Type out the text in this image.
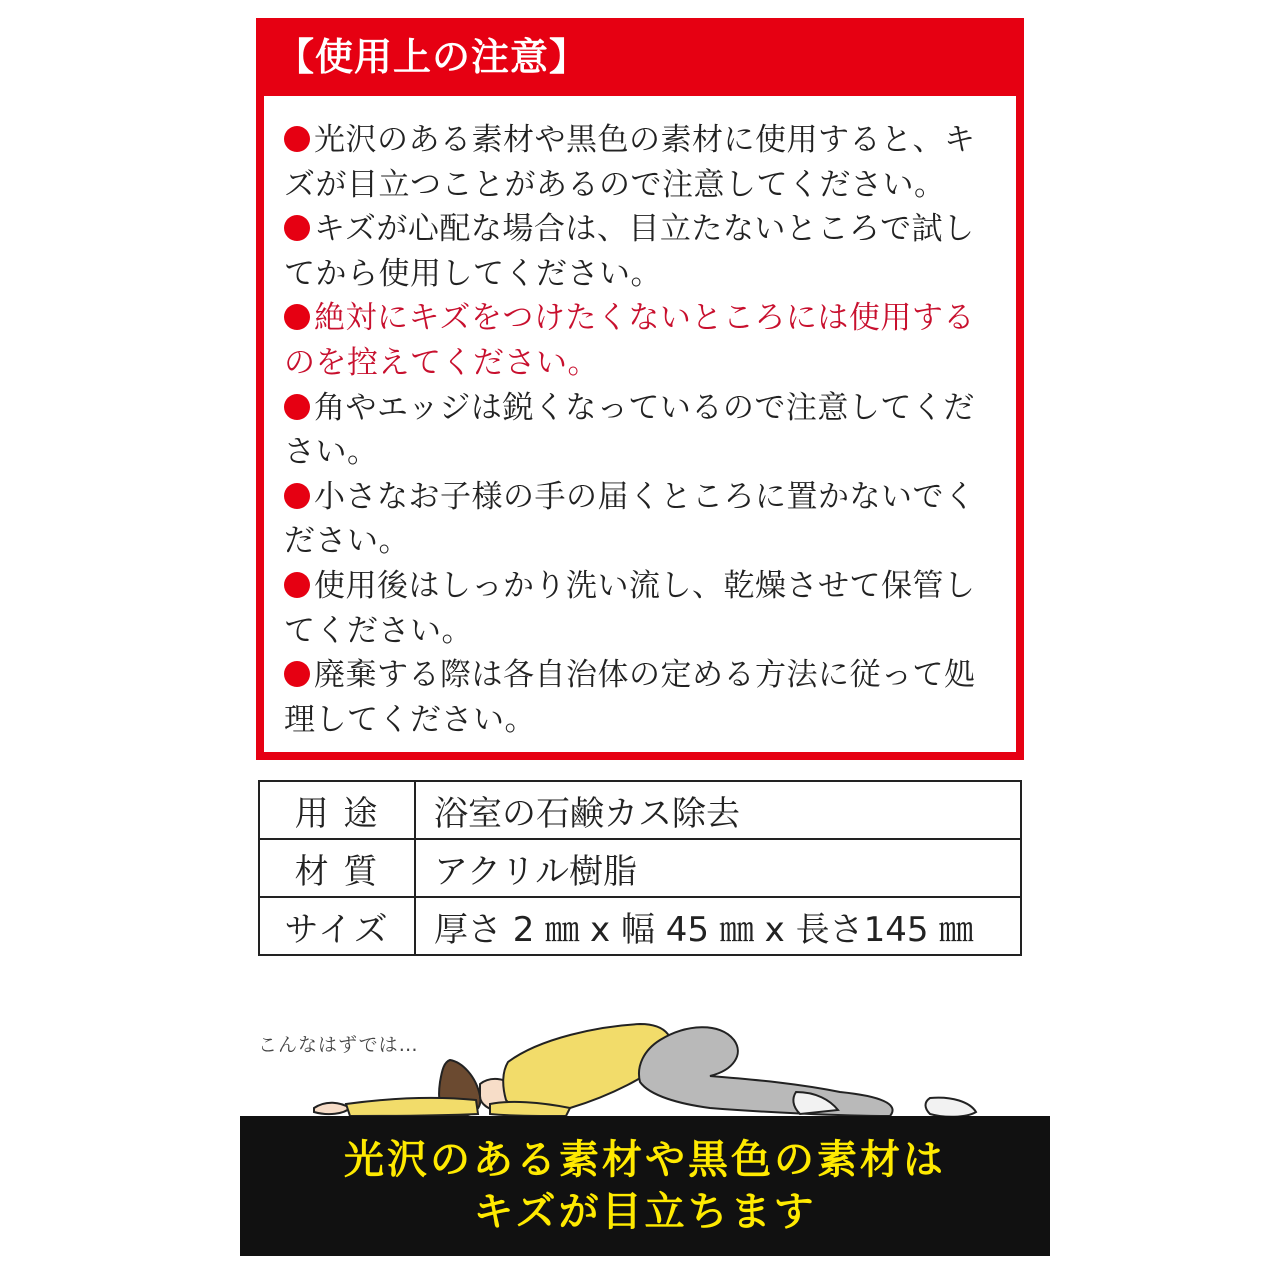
【使用上の注意】
光沢のある素材や黒色の素材に使用すると、キズが目立つことがあるので注意してください。
キズが心配な場合は、目立たないところで試してから使用してください。
絶対にキズをつけたくないところには使用するのを控えてください。
角やエッジは鋭くなっているので注意してください。
小さなお子様の手の届くところに置かないでください。
使用後はしっかり洗い流し、乾燥させて保管してください。
廃棄する際は各自治体の定める方法に従って処理してください。
用 途	浴室の石鹸カス除去
材 質	アクリル樹脂
サイズ	厚さ 2 ㎜ x 幅 45 ㎜ x 長さ145 ㎜
こんなはずでは…
光沢のある素材や黒色の素材は
キズが目立ちます
